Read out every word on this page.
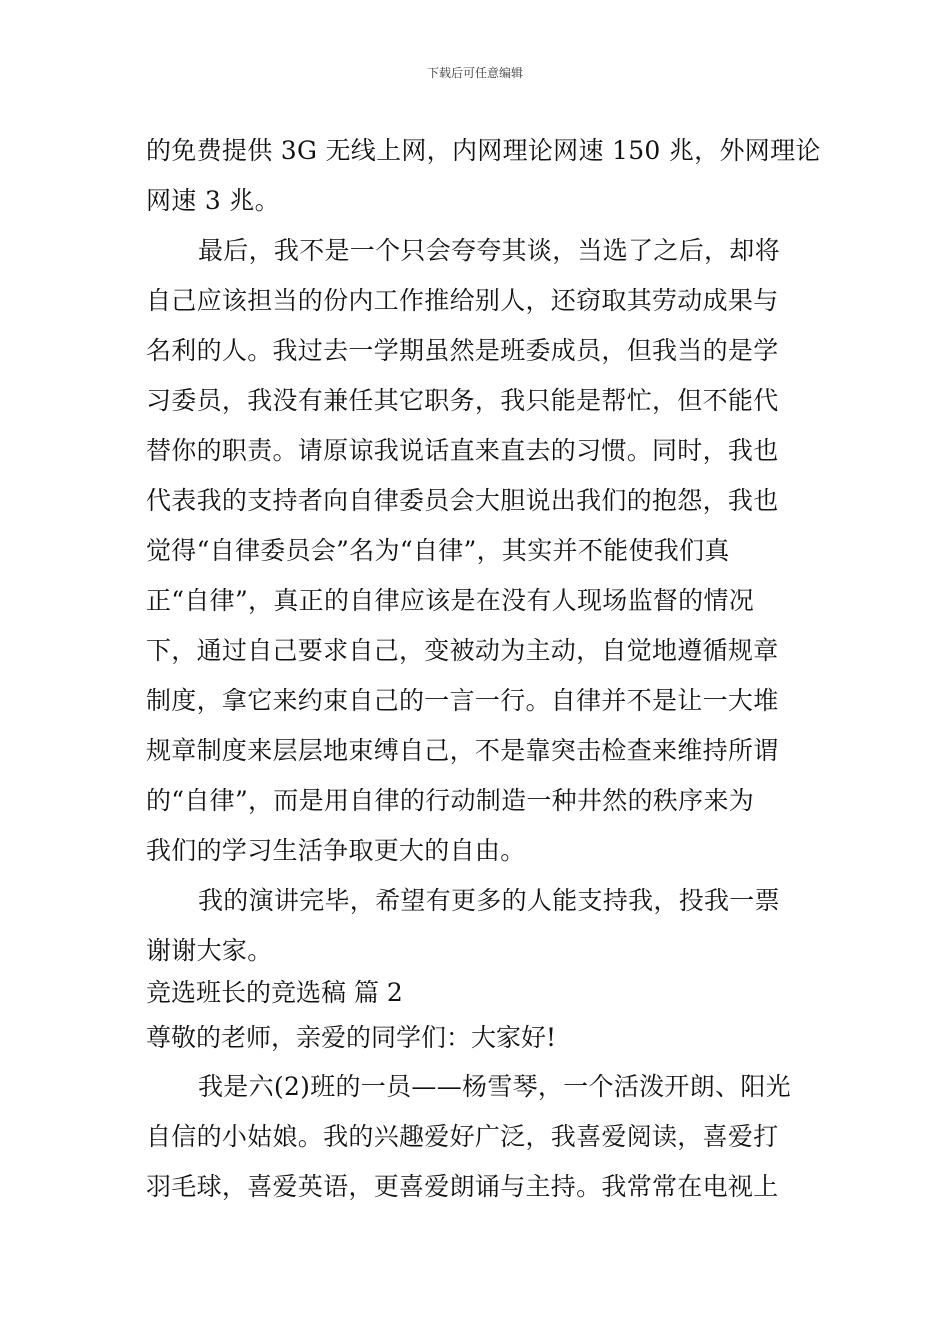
下载后可任意编辑
的免费提供 3G 无线上网，内网理论网速 150 兆，外网理论
网速 3 兆。
最后，我不是一个只会夸夸其谈，当选了之后，却将
自己应该担当的份内工作推给别人，还窃取其劳动成果与
名利的人。我过去一学期虽然是班委成员，但我当的是学
习委员，我没有兼任其它职务，我只能是帮忙，但不能代
替你的职责。请原谅我说话直来直去的习惯。同时，我也
代表我的支持者向自律委员会大胆说出我们的抱怨，我也
觉得“自律委员会”名为“自律”，其实并不能使我们真
正“自律”，真正的自律应该是在没有人现场监督的情况
下，通过自己要求自己，变被动为主动，自觉地遵循规章
制度，拿它来约束自己的一言一行。自律并不是让一大堆
规章制度来层层地束缚自己，不是靠突击检查来维持所谓
的“自律”，而是用自律的行动制造一种井然的秩序来为
我们的学习生活争取更大的自由。
我的演讲完毕，希望有更多的人能支持我，投我一票
谢谢大家。
竞选班长的竞选稿 篇 2
尊敬的老师，亲爱的同学们：大家好!
我是六(2)班的一员——杨雪琴，一个活泼开朗、阳光
自信的小姑娘。我的兴趣爱好广泛，我喜爱阅读，喜爱打
羽毛球，喜爱英语，更喜爱朗诵与主持。我常常在电视上
